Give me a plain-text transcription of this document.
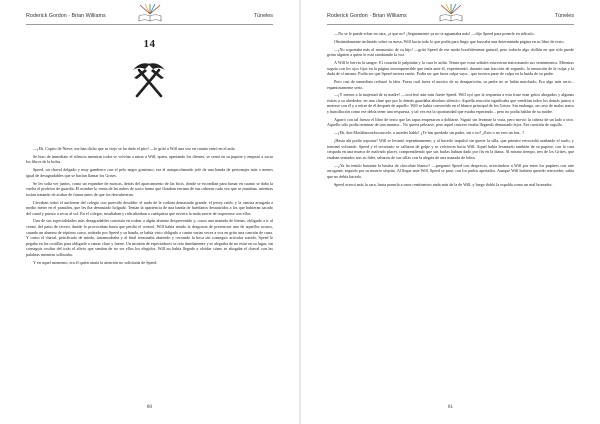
Roderick Gordon · Brian Williams	Túneles
14

—¡Eh, Copito de Nieve, me han dicho que tu viejo se ha dado el piro! —le gritó a Will una voz en cuanto entró en el aula.

Se hizo de inmediato el silencio mientras todos se volvían a mirar a Will, quien, apretando los dientes, se sentó en su pupitre y empezó a sacar los libros de la bolsa.

Speed, un chaval delgado y muy gamberro con el pelo negro grasiento, era el autoproclamado jefe de una banda de personajes más o menos igual de desagradables que se hacían llamar los Grises.

Se les solía ver juntos, como un enjambre de moscas, detrás del aparcamiento de las bicis, donde se escondían para fumar en cuanto se daba la vuelta el profesor de guardia. El nombre lo venía de las nubes de sucio humo que flotaban encima de sus cabezas cada vez que se juntaban, mientras tosían tratando de acabar de fumar antes de que los descubrieran.

Llevaban todos el uniforme del colegio con parecido desaliño: el nudo de la corbata demasiado grande, el jersey raído, y la camisa arrugada a medio meter en el pantalón, que les iba demasiado holgado. Tenían la apariencia de una banda de huérfanos desnutridos a los que hubieran sacado del canal y puesto a secar al sol. En el colegio, insultaban y ridiculizaban a cualquiera que tuviera la mala suerte de tropezarse con ellos.

Una de sus especialidades más desagradables consistía en rodear a algún alumno desprevenido y, como una manada de hienas, obligarle a ir al centro del patio de recreo, donde lo provocaban hasta que perdía el control. Will había tenido la desgracia de presenciar uno de aquellos acosos, cuando un alumno de séptimo curso, rodeado por Speed y su banda, se había visto obligado a cantar varias veces a voz en grito una canción de cuna. Y como el chaval, petrificado de miedo, tartamudeaba y al final terminaba abriendo y cerrando la boca sin conseguir articular sonido, Speed le pegaba en las costillas para obligarle a cantar claro y fuerte. Un montón de espectadores se reía tímidamente y se alegraba de no estar en su lugar, sin conseguir ocultar del todo el alivio que sentían de no ser ellos los elegidos. Will no había llegado a olvidar cómo se ahogaba el chaval con las palabras mientras sollozaba.

Y en aquel momento, era él quien atraía la atención no solicitada de Speed.

80
Roderick Gordon · Brian Williams	Túneles

—No se le puede echar en cara, ¿a que no? ¡Seguramente ya no te aguantaba más! —dijo Speed para ponerle en ridículo.

Obstinadamente inclinado sobre su mesa, Will hacía todo lo que podía para fingir que buscaba una determinada página en su libro de texto.

—¡No soportaba más al monstruito de su hijo! —gritó Speed de ese modo horriblemente gutural, pero todavía algo chillón en que sólo puede gritar alguien a quien le está cambiando la voz.

A Will le hervía la sangre. El corazón le palpitaba y la cara le ardía. Temía que estas señales estuvieran traicionando sus sentimientos. Mientras seguía con los ojos fijos en la página incomprensible que tenía ante él, experimentó, durante una fracción de segundo, la sensación de la culpa y la duda de sí mismo. Podía ser que Speed tuviera razón. Podía ser que fuera culpa suya... que tuviera parte de culpa en la huida de su padre.

Pero casi de inmediato rechazó la idea. Fuera cual fuera el motivo de su desaparición, su padre no se había marchado. Era algo más serio... espantosamente serio.

—¡Y menos a la majestad de tu madre! —vociferó aún más fuerte Speed. Will oyó que la respuesta a esta frase eran gritos ahogados y algunas risitas a su alrededor, en una clase que por lo demás guardaba absoluto silencio. Aquella reacción significaba que vendrían todos los demás juntos a meterse con él y a reírse de él después de aquello. Will se había convertido en el blanco principal de los Grises. Sin embargo, un caso de malos tratos y humillación como ese debía tener una respuesta, y tal vez era la oportunidad que estaba esperando... pero no podía hablar de su madre.

Agarró con tal fuerza el libro de texto que las tapas empezaron a doblarse. Siguió sin levantar la vista, pero movió la cabeza de un lado a otro. Aquello sólo podía terminar de una manera... No quería pelearse, pero aquel rastrero estaba llegando demasiado lejos. Era cuestión de orgullo.

—¡Eh, don Mashbaconchoosucele, a ustedes hablo! ¿Te has quedado sin padre, sin o no? ¿Eres o no eres un bas...?

¡Hasta ahí podía soportar! Will se levantó repentinamente, y al hacerlo impulsó sin querer la silla, que primero retrocedió arañando el suelo, y terminó volcando. Speed y el secretario se callaron de golpe y se volvieron hacia Will. Aquel había levantado también de su pupitre, con la cara crispada en una mueca de malvado placer, comprendiendo que sus burlas habían dado por fin en la diana. Al mismo tiempo, tres de los Grises, que estaban sentados tras su líder, saltaron de sus sillas con la alegría de una manada de lobos.

—¿Ya ha tenido bastante la bastita de chocolate blanco? —preguntó Speed con desprecio, acercándose a Will por entre los pupitres con aire arrogante, seguido por su muerto séquito. Al llegar ante Will, Speed se paró, con los puños apretados. Aunque Will hubiera querido retroceder, sabía que no debía hacerlo.

Speed acercó más la cara, hasta ponerla a unos centímetros nada más de la de Will, y luego dobló la espalda como un mal boxeador.

81
